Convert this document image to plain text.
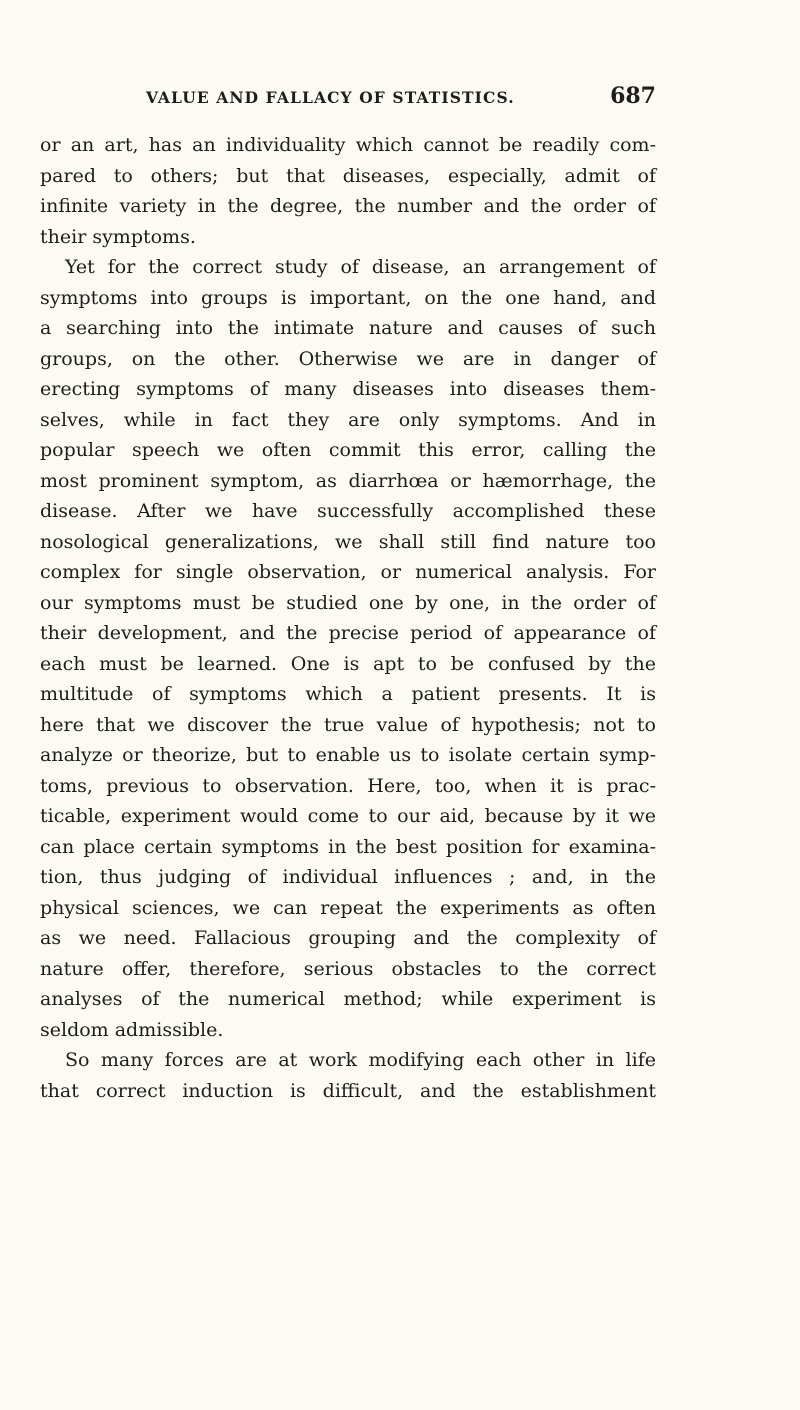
VALUE AND FALLACY OF STATISTICS.	687
or an art, has an individuality which cannot be readily com-
pared to others; but that diseases, especially, admit of
infinite variety in the degree, the number and the order of
their symptoms.
Yet for the correct study of disease, an arrangement of
symptoms into groups is important, on the one hand, and
a searching into the intimate nature and causes of such
groups, on the other. Otherwise we are in danger of
erecting symptoms of many diseases into diseases them-
selves, while in fact they are only symptoms. And in
popular speech we often commit this error, calling the
most prominent symptom, as diarrhœa or hæmorrhage, the
disease. After we have successfully accomplished these
nosological generalizations, we shall still find nature too
complex for single observation, or numerical analysis. For
our symptoms must be studied one by one, in the order of
their development, and the precise period of appearance of
each must be learned. One is apt to be confused by the
multitude of symptoms which a patient presents. It is
here that we discover the true value of hypothesis; not to
analyze or theorize, but to enable us to isolate certain symp-
toms, previous to observation. Here, too, when it is prac-
ticable, experiment would come to our aid, because by it we
can place certain symptoms in the best position for examina-
tion, thus judging of individual influences ; and, in the
physical sciences, we can repeat the experiments as often
as we need. Fallacious grouping and the complexity of
nature offer, therefore, serious obstacles to the correct
analyses of the numerical method; while experiment is
seldom admissible.
So many forces are at work modifying each other in life
that correct induction is difficult, and the establishment
